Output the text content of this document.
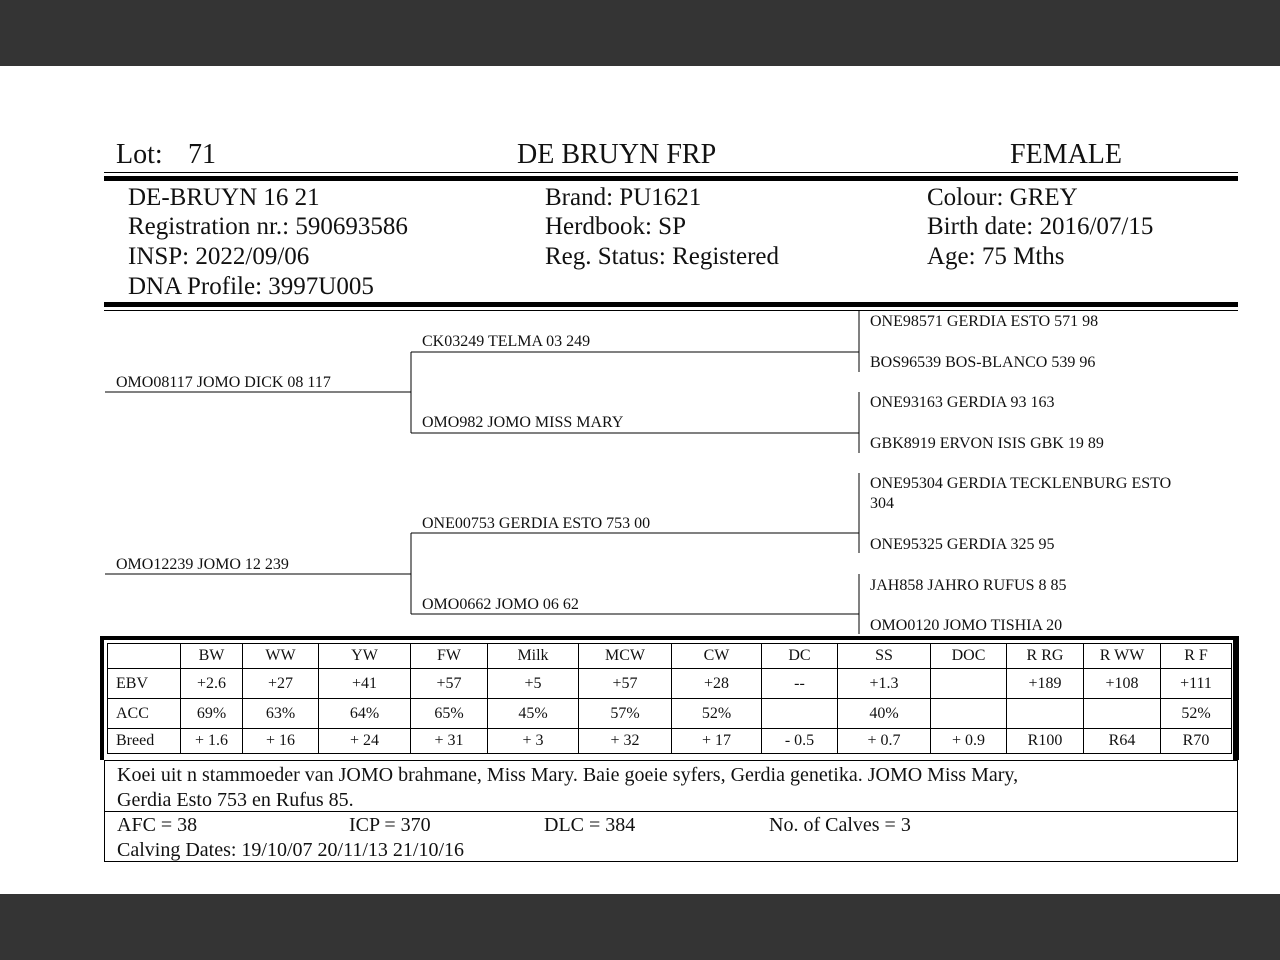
Lot: 71	DE BRUYN FRP	FEMALE
DE-BRUYN 16 21
Registration nr.: 590693586
INSP: 2022/09/06
DNA Profile: 3997U005
Brand: PU1621
Herdbook: SP
Reg. Status: Registered
Colour: GREY
Birth date: 2016/07/15
Age: 75 Mths
OMO08117 JOMO DICK 08 117
OMO12239 JOMO 12 239
CK03249 TELMA 03 249
OMO982 JOMO MISS MARY
ONE00753 GERDIA ESTO 753 00
OMO0662 JOMO 06 62
ONE98571 GERDIA ESTO 571 98
BOS96539 BOS-BLANCO 539 96
ONE93163 GERDIA 93 163
GBK8919 ERVON ISIS GBK 19 89
ONE95304 GERDIA TECKLENBURG ESTO
304
ONE95325 GERDIA 325 95
JAH858 JAHRO RUFUS 8 85
OMO0120 JOMO TISHIA 20
	BW	WW	YW	FW	Milk	MCW	CW	DC	SS	DOC	R RG	R WW	R F
EBV	+2.6	+27	+41	+57	+5	+57	+28	--	+1.3		+189	+108	+111
ACC	69%	63%	64%	65%	45%	57%	52%		40%				52%
Breed	+ 1.6	+ 16	+ 24	+ 31	+ 3	+ 32	+ 17	- 0.5	+ 0.7	+ 0.9	R100	R64	R70
Koei uit n stammoeder van JOMO brahmane, Miss Mary. Baie goeie syfers, Gerdia genetika. JOMO Miss Mary,
Gerdia Esto 753 en Rufus 85.
AFC = 38	ICP = 370	DLC = 384	No. of Calves = 3
Calving Dates: 19/10/07 20/11/13 21/10/16
